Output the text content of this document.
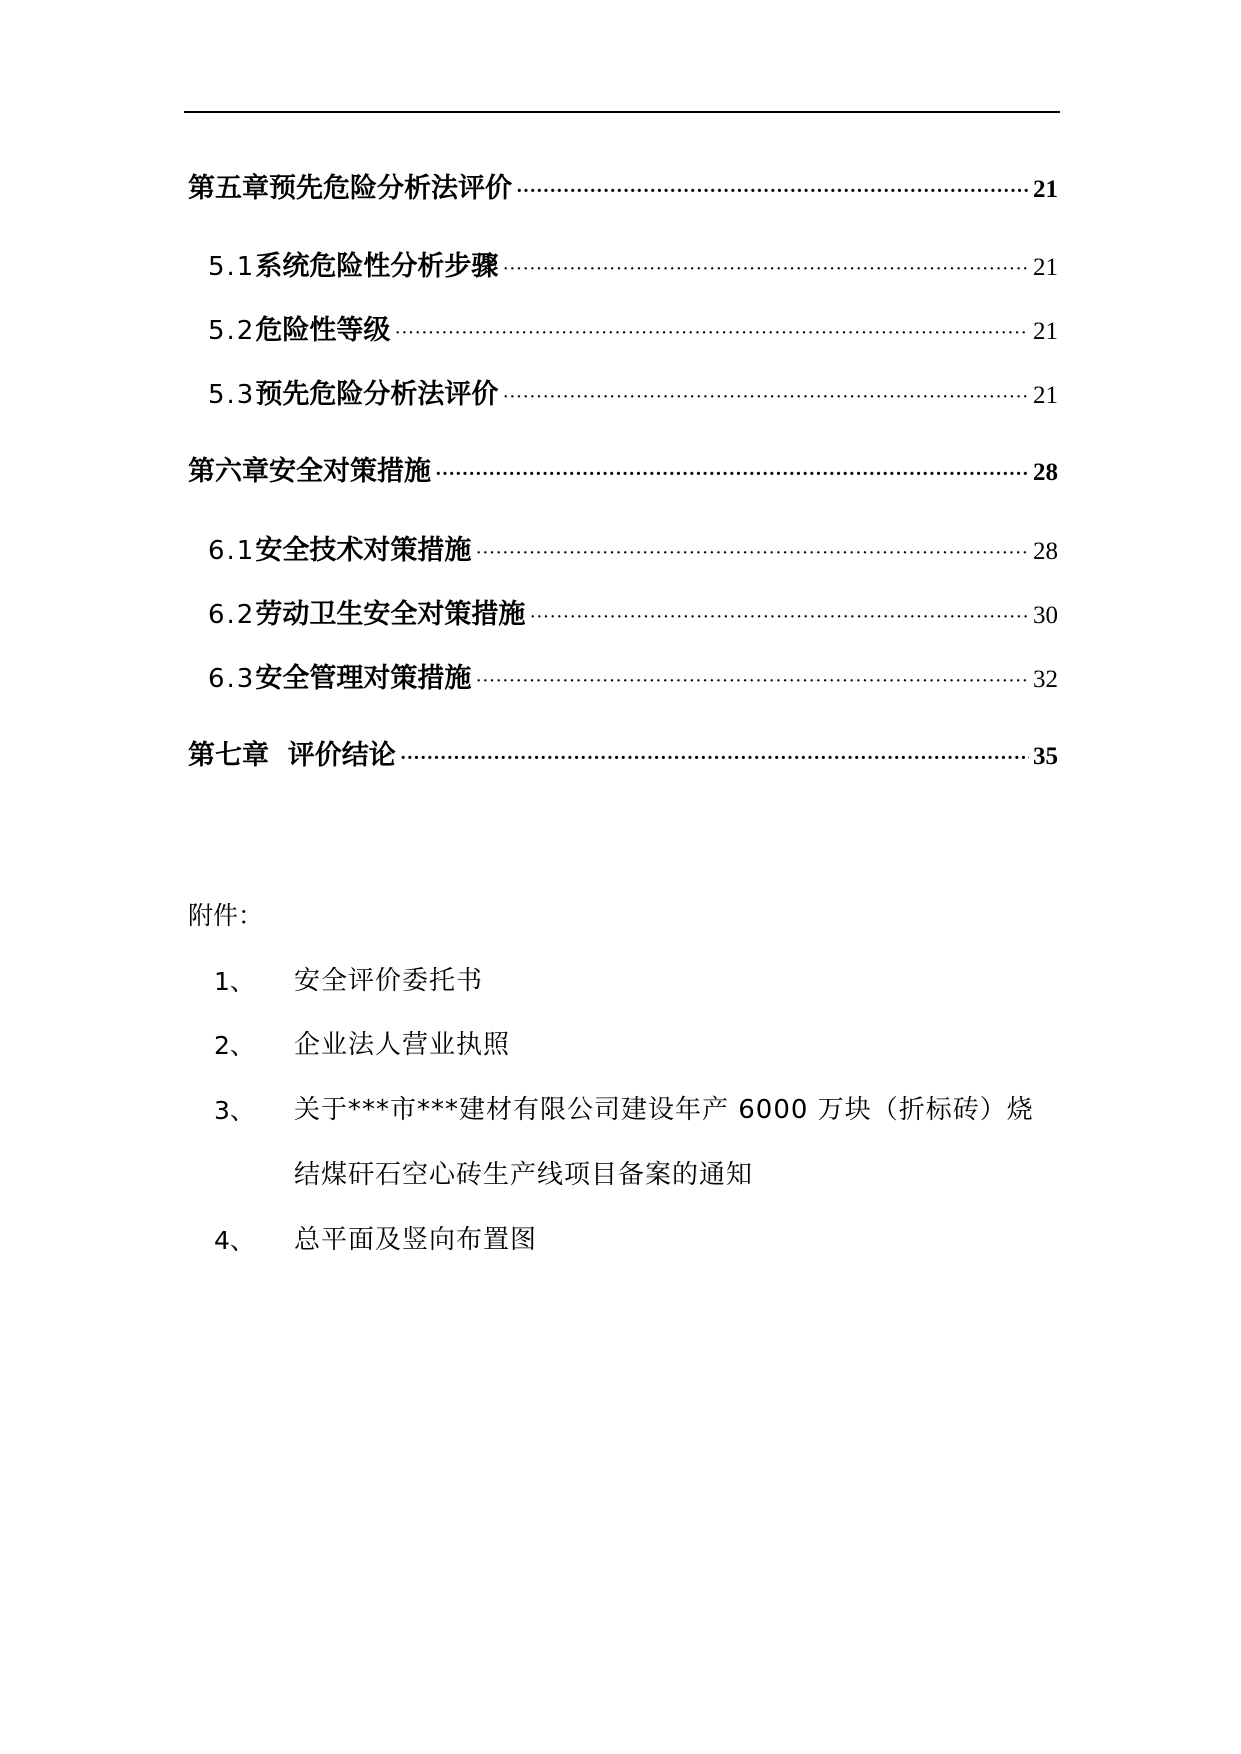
第五章预先危险分析法评价 ·····	21
5.1 系统危险性分析步骤 ·····	21
5.2 危险性等级 ·····	21
5.3 预先危险分析法评价 ·····	21
第六章安全对策措施 ·····	28
6.1 安全技术对策措施 ·····	28
6.2 劳动卫生安全对策措施 ·····	30
6.3 安全管理对策措施 ·····	32
第七章  评价结论 ·····	35
附件：
1、 安全评价委托书
2、 企业法人营业执照
3、 关于***市***建材有限公司建设年产 6000 万块（折标砖）烧
结煤矸石空心砖生产线项目备案的通知
4、 总平面及竖向布置图
